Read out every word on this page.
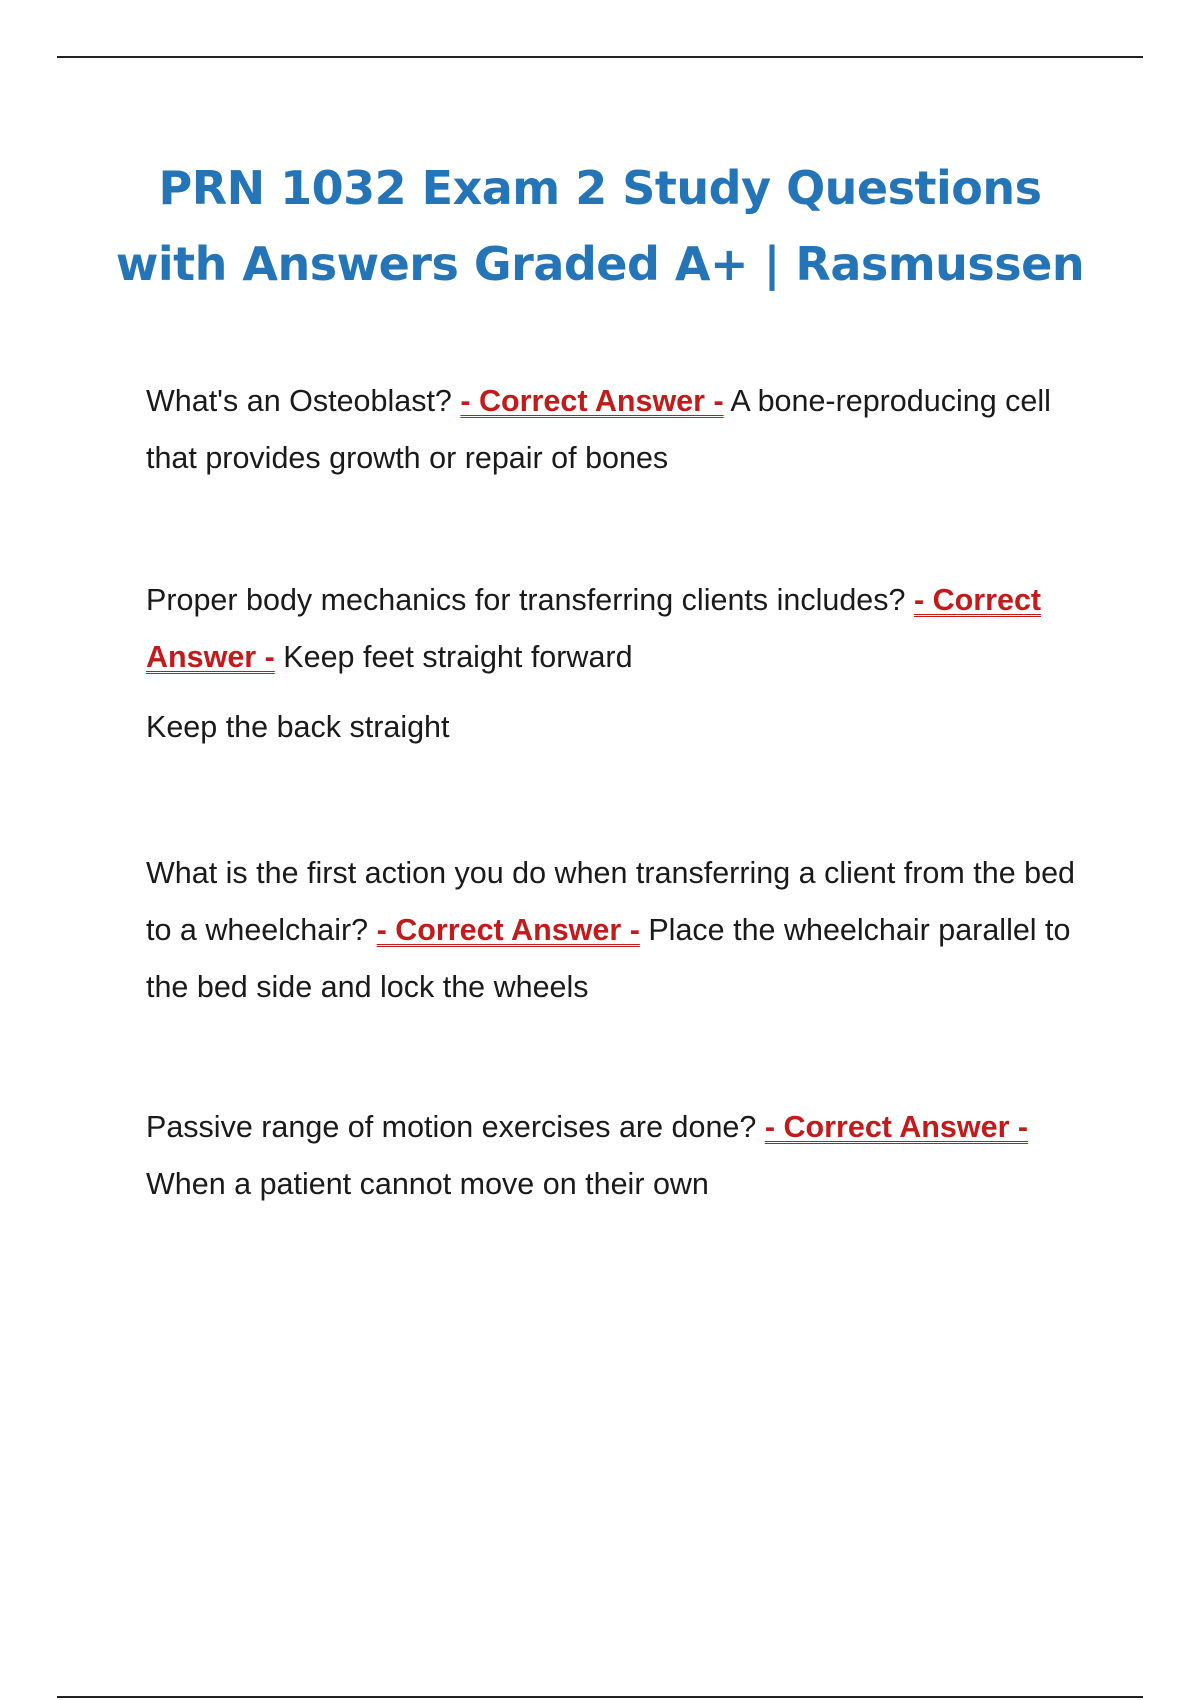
PRN 1032 Exam 2 Study Questions with Answers Graded A+ | Rasmussen

What's an Osteoblast? - Correct Answer - A bone-reproducing cell that provides growth or repair of bones

Proper body mechanics for transferring clients includes? - Correct Answer - Keep feet straight forward

Keep the back straight

What is the first action you do when transferring a client from the bed to a wheelchair? - Correct Answer - Place the wheelchair parallel to the bed side and lock the wheels

Passive range of motion exercises are done? - Correct Answer - When a patient cannot move on their own
